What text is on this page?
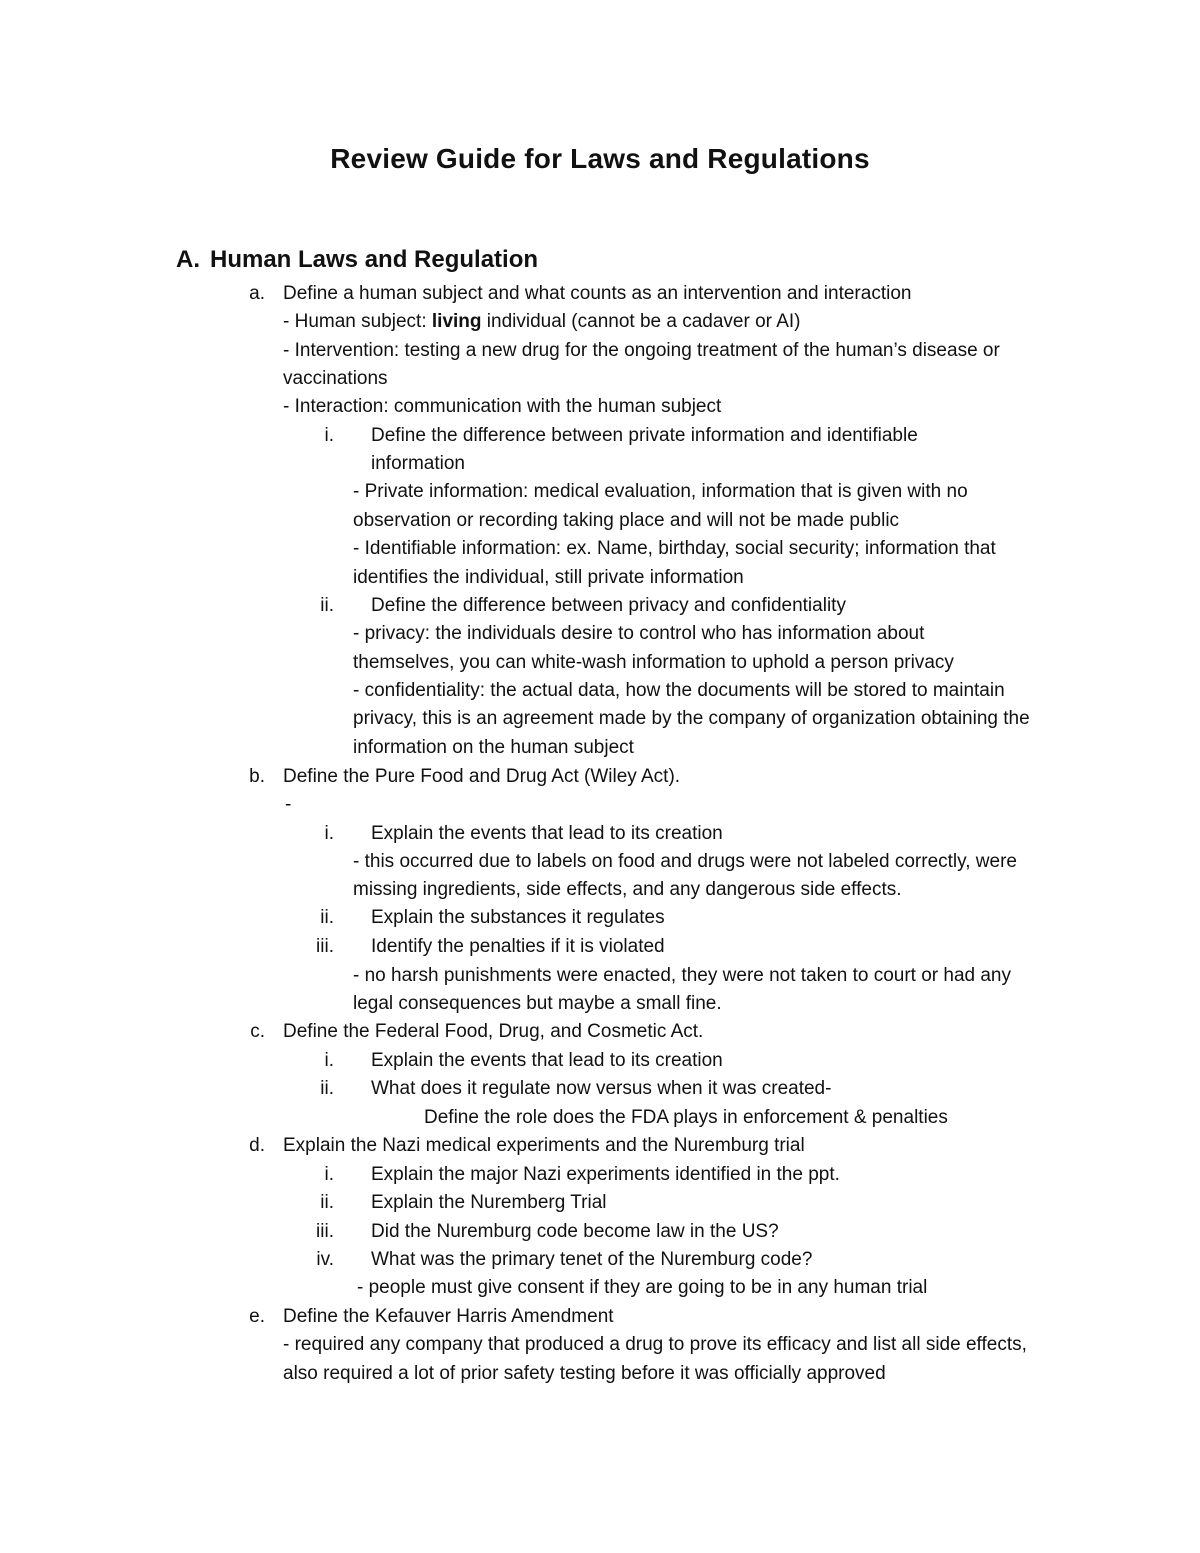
Review Guide for Laws and Regulations
A. Human Laws and Regulation
a. Define a human subject and what counts as an intervention and interaction
- Human subject: living individual (cannot be a cadaver or AI)
- Intervention: testing a new drug for the ongoing treatment of the human’s disease or
vaccinations
- Interaction: communication with the human subject
i. Define the difference between private information and identifiable
information
- Private information: medical evaluation, information that is given with no
observation or recording taking place and will not be made public
- Identifiable information: ex. Name, birthday, social security; information that
identifies the individual, still private information
ii. Define the difference between privacy and confidentiality
- privacy: the individuals desire to control who has information about
themselves, you can white-wash information to uphold a person privacy
- confidentiality: the actual data, how the documents will be stored to maintain
privacy, this is an agreement made by the company of organization obtaining the
information on the human subject
b. Define the Pure Food and Drug Act (Wiley Act).
-
i. Explain the events that lead to its creation
- this occurred due to labels on food and drugs were not labeled correctly, were
missing ingredients, side effects, and any dangerous side effects.
ii. Explain the substances it regulates
iii. Identify the penalties if it is violated
- no harsh punishments were enacted, they were not taken to court or had any
legal consequences but maybe a small fine.
c. Define the Federal Food, Drug, and Cosmetic Act.
i. Explain the events that lead to its creation
ii. What does it regulate now versus when it was created-
Define the role does the FDA plays in enforcement & penalties
d. Explain the Nazi medical experiments and the Nuremburg trial
i. Explain the major Nazi experiments identified in the ppt.
ii. Explain the Nuremberg Trial
iii. Did the Nuremburg code become law in the US?
iv. What was the primary tenet of the Nuremburg code?
- people must give consent if they are going to be in any human trial
e. Define the Kefauver Harris Amendment
- required any company that produced a drug to prove its efficacy and list all side effects,
also required a lot of prior safety testing before it was officially approved
